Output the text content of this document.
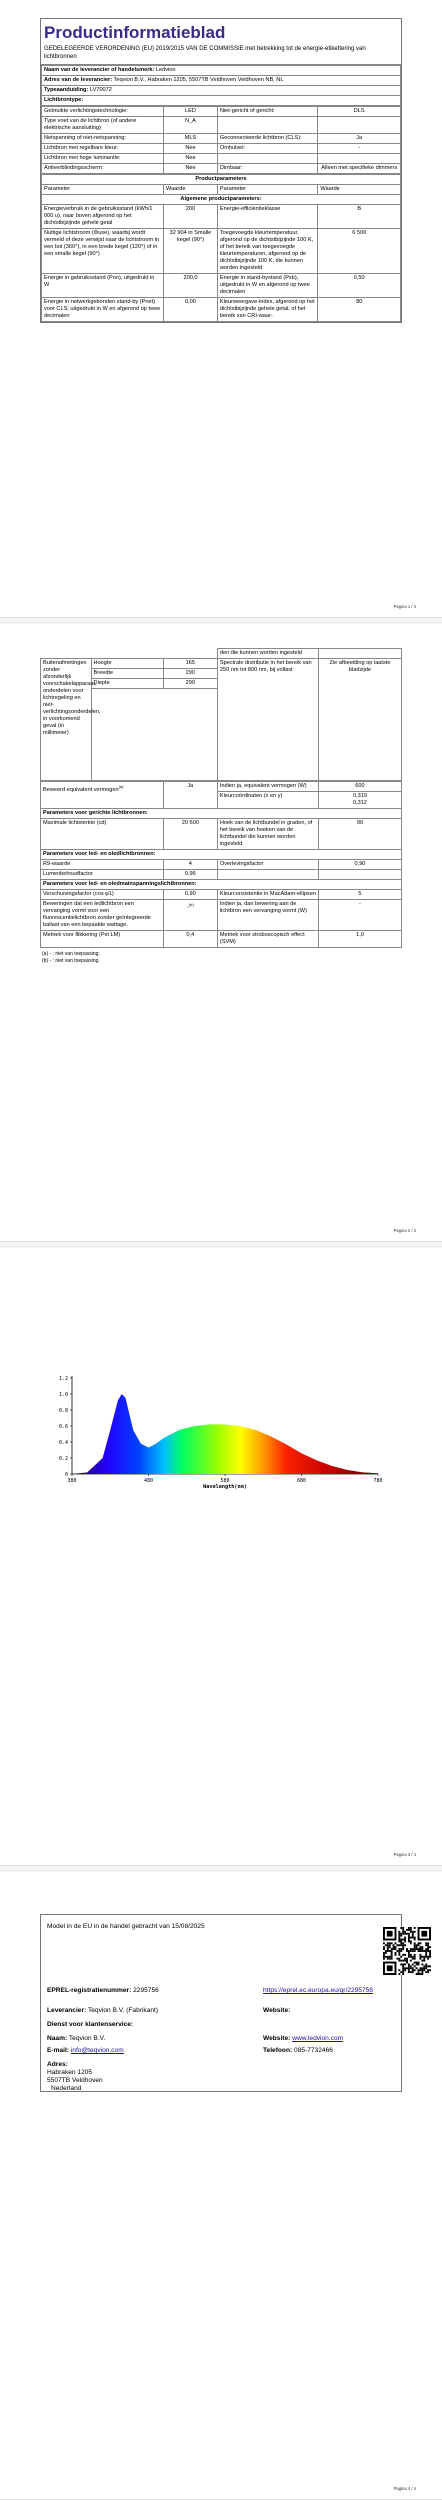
Productinformatieblad
GEDELEGEERDE VERORDENING (EU) 2019/2015 VAN DE COMMISSIE met betrekking tot de energie-etikettering van lichtbronnen
Naam van de leverancier of handelsmerk: Ledvion
Adres van de leverancier: Teqvion B.V., Habraken 1205, 5507TB Veldhoven Veldhoven NB, NL
Typeaanduiding: LV70072
Lichtbrontype:
Gebruikte verlichtingstechnologie:	LED	Niet-gericht of gericht:	DLS
Type voet van de lichtbron (of andere elektrische aansluiting)	N_A		
Netspanning of niet-netspanning:	MLS	Geconnecteerde lichtbron (CLS):	Ja
Lichtbron met regelbare kleur:	Nee	Omhulsel:	-
Lichtbron met hoge luminantie:	Nee		
Antiverblindingsscherm:	Nee	Dimbaar:	Alleen met specifieke dimmers
Productparameters			
Parameter	Waarde	Parameter	Waarde
Algemene productparameters:			
Energieverbruik in de gebruiksstand (kWh/1 000 u), naar boven afgerond op het dichtstbijzijnde gehele getal	200	Energie-efficiëntieklasse	B
Nuttige lichtstroom (Φuse), waarbij wordt vermeld of deze verwijst naar de lichtstroom in een bol (360°), in een brede kegel (120°) of in een smalle kegel (90°)	32 904 in Smalle kegel (90°)	Toegevoegde kleurtemperatuur, afgerond op de dichtstbijzijnde 100 K, of het bereik van toegevoegde kleurtemperaturen, afgerond op de dichtstbijzijnde 100 K, die kunnen worden ingesteld	6 500
Energie in gebruiksstand (Pon), uitgedrukt in W	200,0	Energie in stand-bystand (Psb), uitgedrukt in W en afgerond op twee decimalen	0,50
Energie in netwerkgebonden stand-by (Pnet) voor CLS, uitgedrukt in W en afgerond op twee decimalen	0,00	Kleurweergave-index, afgerond op het dichtstbijzijnde gehele getal, of het bereik van CRI-waar-	80
Pagina 1 / 4
			den die kunnen worden ingesteld	
Buitenafmetingen zonder afzonderlijk voorschakelapparaat, onderdelen voor lichtregeling en niet-verlichtingsonderdelen, in voorkomend geval (in millimeter)	Hoogte	165	Spectrale distributie in het bereik van 250 nm tot 800 nm, bij vollast	Zie afbeelding op laatste bladzijde
	Breedte	290		
	Diepte	290		

Beweerd equivalent vermogen$^{(a)}$	Ja	Indien ja, equivalent vermogen (W)	600
		Kleurcoördinaten (x en y)	0,319
0,312
Parameters voor gerichte lichtbronnen:			
Maximale lichtsterkte (cd)	20 500	Hoek van de lichtbundel in graden, of het bereik van hoeken van de lichtbundel die kunnen worden ingesteld	90
Parameters voor led- en oledlichtbronnen:			
R9-waarde	4	Overlevingsfactor	0,90
Lumenbehoudfactor	0,96		
Parameters voor led- en oledmainspanningslichtbronnen:			
Verschuivingsfactor (cos φ1)	0,90	Kleurconsistentie in MacAdam-ellipsen	5
Beweringen dat een ledlichtbron een vervanging vormt voor een fluorescentielichtbron zonder geïntegreerde ballast van een bepaalde wattage.	-$^{(b)}$	Indien ja, dan bewering aan de lichtbron een vervanging vormt (W)	-
Metriek voor flikkering (Pst LM)	0,4	Metriek voor stroboscopisch effect (SVM)	1,0
(a) - : niet van toepassing;
(b) - : niet van toepassing.
Pagina 2 / 4
380	480	580	680	780
0
0.2
0.4
0.6
0.8
1.0
1.2
Wavelength(nm)
Pagina 3 / 4
Model in de EU in de handel gebracht van 15/08/2025
EPREL-registratienummer: 2295756	https://eprel.ec.europa.eu/qr/2295756
Leverancier: Teqvion B.V. (Fabrikant)	Website:
Dienst voor klantenservice:
Naam: Teqvion B.V.	Website: www.ledvion.com
E-mail: info@teqvion.com	Telefoon: 085-7732466
Adres:
Habraken 1205
5507TB Veldhoven
Nederland
Pagina 4 / 4
